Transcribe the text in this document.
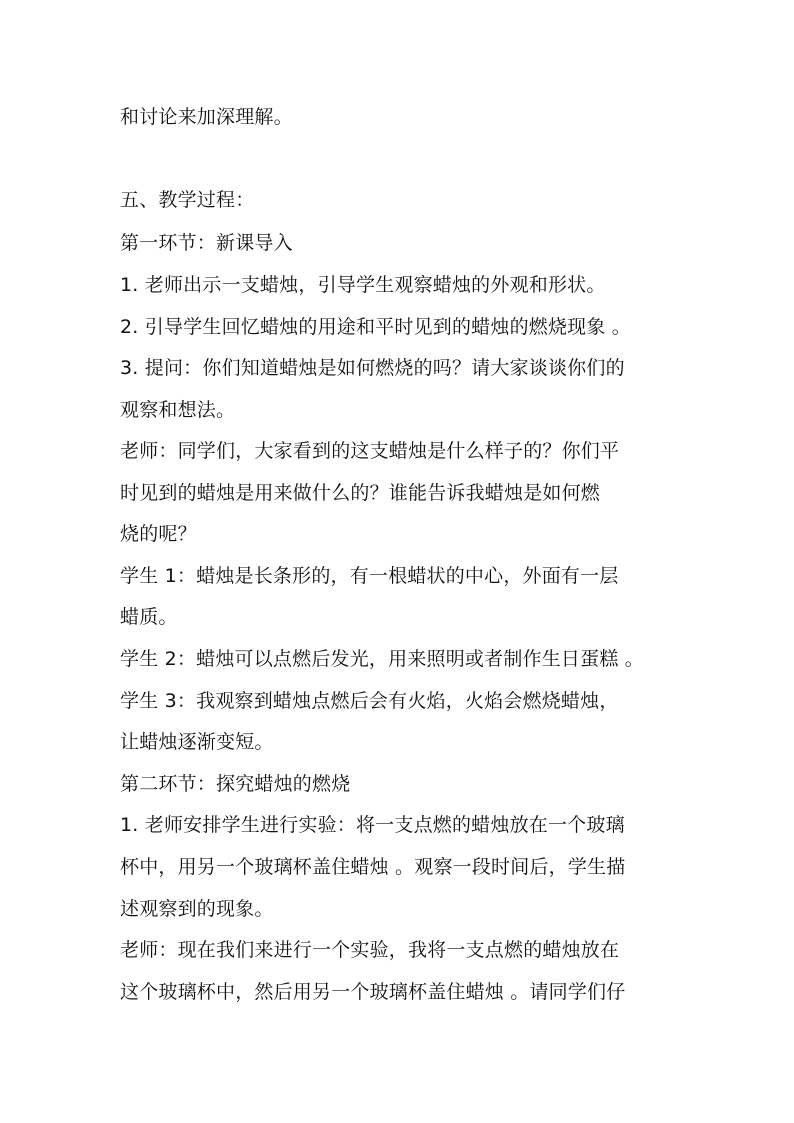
和讨论来加深理解。
五、教学过程：
第一环节：新课导入
1. 老师出示一支蜡烛，引导学生观察蜡烛的外观和形状。
2. 引导学生回忆蜡烛的用途和平时见到的蜡烛的燃烧现象 。
3. 提问：你们知道蜡烛是如何燃烧的吗？请大家谈谈你们的
观察和想法。
老师：同学们，大家看到的这支蜡烛是什么样子的？你们平
时见到的蜡烛是用来做什么的？谁能告诉我蜡烛是如何燃
烧的呢？
学生 1：蜡烛是长条形的，有一根蜡状的中心，外面有一层
蜡质。
学生 2：蜡烛可以点燃后发光，用来照明或者制作生日蛋糕 。
学生 3：我观察到蜡烛点燃后会有火焰，火焰会燃烧蜡烛，
让蜡烛逐渐变短。
第二环节：探究蜡烛的燃烧
1. 老师安排学生进行实验：将一支点燃的蜡烛放在一个玻璃
杯中，用另一个玻璃杯盖住蜡烛 。观察一段时间后，学生描
述观察到的现象。
老师：现在我们来进行一个实验，我将一支点燃的蜡烛放在
这个玻璃杯中，然后用另一个玻璃杯盖住蜡烛 。请同学们仔
